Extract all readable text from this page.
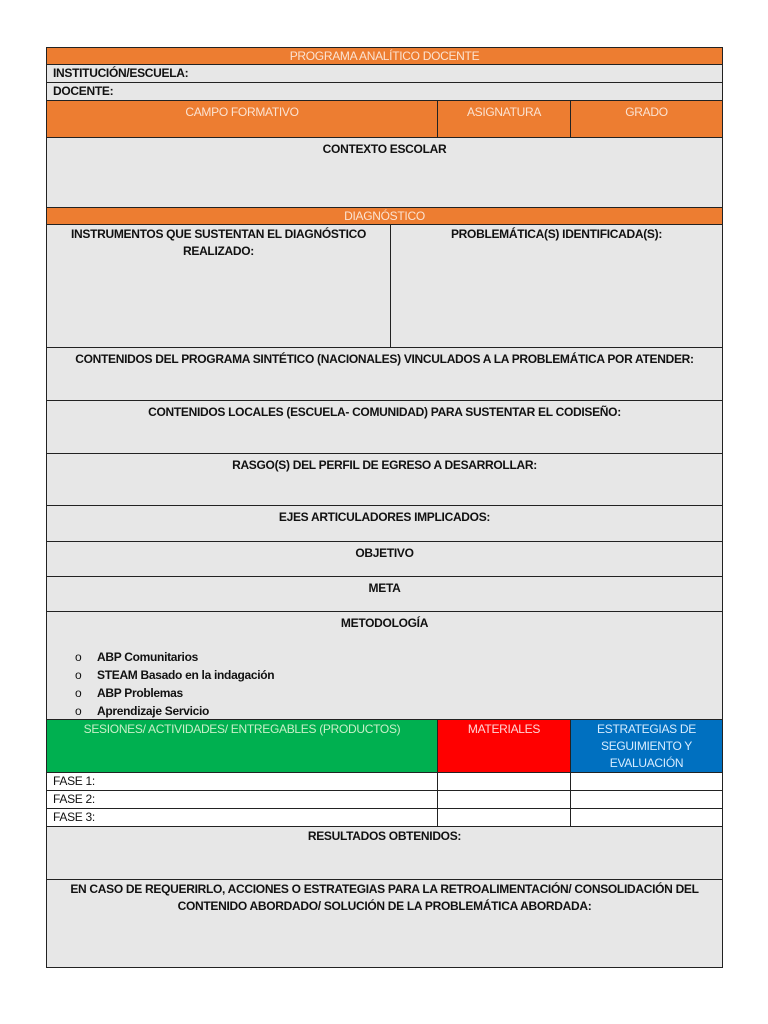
PROGRAMA ANALÍTICO DOCENTE
INSTITUCIÓN/ESCUELA:
DOCENTE:
CAMPO FORMATIVO	ASIGNATURA	GRADO
CONTEXTO ESCOLAR
DIAGNÓSTICO
INSTRUMENTOS QUE SUSTENTAN EL DIAGNÓSTICO REALIZADO:
PROBLEMÁTICA(S) IDENTIFICADA(S):
CONTENIDOS DEL PROGRAMA SINTÉTICO (NACIONALES) VINCULADOS A LA PROBLEMÁTICA POR ATENDER:
CONTENIDOS LOCALES (ESCUELA- COMUNIDAD) PARA SUSTENTAR EL CODISEÑO:
RASGO(S) DEL PERFIL DE EGRESO A DESARROLLAR:
EJES ARTICULADORES IMPLICADOS:
OBJETIVO
META
METODOLOGÍA
o ABP Comunitarios
o STEAM Basado en la indagación
o ABP Problemas
o Aprendizaje Servicio
SESIONES/ ACTIVIDADES/ ENTREGABLES (PRODUCTOS)	MATERIALES	ESTRATEGIAS DE SEGUIMIENTO Y EVALUACIÓN
FASE 1:
FASE 2:
FASE 3:
RESULTADOS OBTENIDOS:
EN CASO DE REQUERIRLO, ACCIONES O ESTRATEGIAS PARA LA RETROALIMENTACIÓN/ CONSOLIDACIÓN DEL CONTENIDO ABORDADO/ SOLUCIÓN DE LA PROBLEMÁTICA ABORDADA:
